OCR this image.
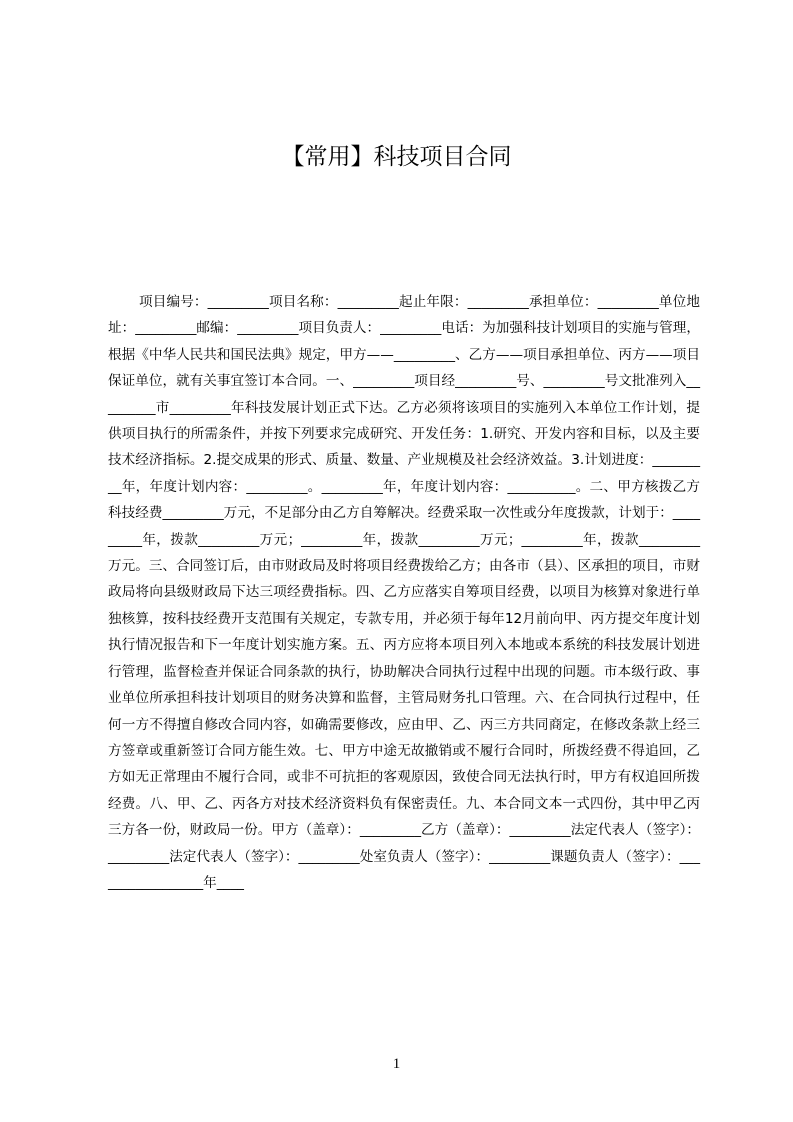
【常用】科技项目合同

项目编号：_________项目名称：_________起止年限：_________承担单位：_________单位地址：_________邮编：_________项目负责人：_________电话：为加强科技计划项目的实施与管理，根据《中华人民共和国民法典》规定，甲方——_________、乙方——项目承担单位、丙方——项目保证单位，就有关事宜签订本合同。一、_________项目经_________号、_________号文批准列入_________市_________年科技发展计划正式下达。乙方必须将该项目的实施列入本单位工作计划，提供项目执行的所需条件，并按下列要求完成研究、开发任务：1.研究、开发内容和目标，以及主要技术经济指标。2.提交成果的形式、质量、数量、产业规模及社会经济效益。3.计划进度：_________年，年度计划内容：_________。_________年，年度计划内容：__________。二、甲方核拨乙方科技经费_________万元，不足部分由乙方自筹解决。经费采取一次性或分年度拨款，计划于：_________年，拨款_________万元；_________年，拨款_________万元；_________年，拨款_________万元。三、合同签订后，由市财政局及时将项目经费拨给乙方；由各市（县）、区承担的项目，市财政局将向县级财政局下达三项经费指标。四、乙方应落实自筹项目经费，以项目为核算对象进行单独核算，按科技经费开支范围有关规定，专款专用，并必须于每年12月前向甲、丙方提交年度计划执行情况报告和下一年度计划实施方案。五、丙方应将本项目列入本地或本系统的科技发展计划进行管理，监督检查并保证合同条款的执行，协助解决合同执行过程中出现的问题。市本级行政、事业单位所承担科技计划项目的财务决算和监督，主管局财务扎口管理。六、在合同执行过程中，任何一方不得擅自修改合同内容，如确需要修改，应由甲、乙、丙三方共同商定，在修改条款上经三方签章或重新签订合同方能生效。七、甲方中途无故撤销或不履行合同时，所拨经费不得追回，乙方如无正常理由不履行合同，或非不可抗拒的客观原因，致使合同无法执行时，甲方有权追回所拨经费。八、甲、乙、丙各方对技术经济资料负有保密责任。九、本合同文本一式四份，其中甲乙丙三方各一份，财政局一份。甲方（盖章）：_________乙方（盖章）：_________法定代表人（签字）：_________法定代表人（签字）：_________处室负责人（签字）：_________课题负责人（签字）：_________________年____

1
